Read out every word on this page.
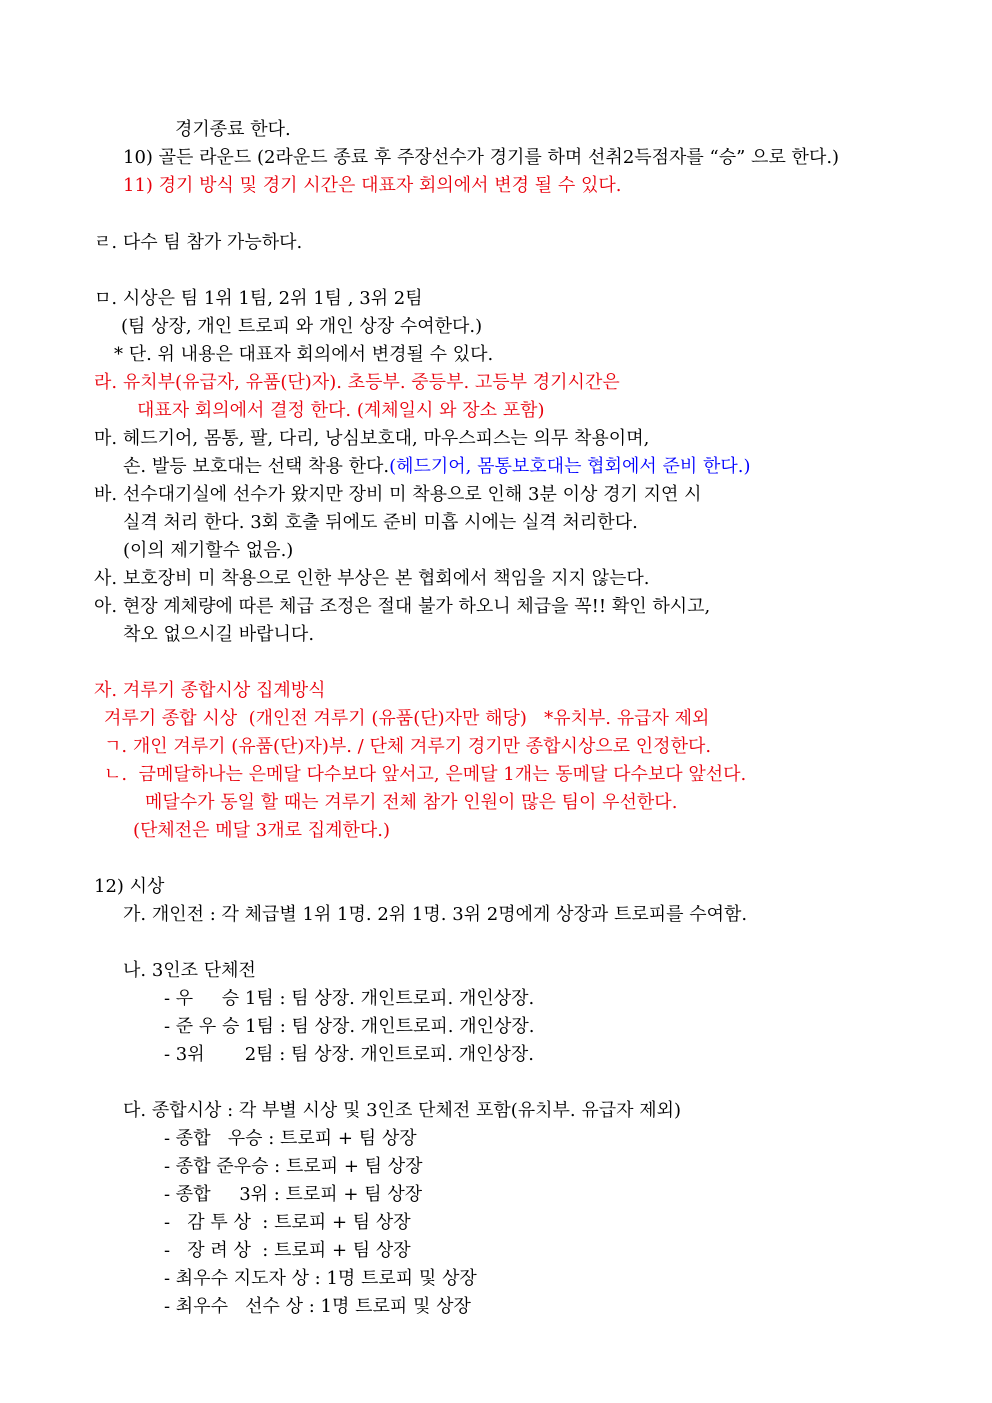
경기종료 한다.
10) 골든 라운드 (2라운드 종료 후 주장선수가 경기를 하며 선취2득점자를 “승” 으로 한다.)
11) 경기 방식 및 경기 시간은 대표자 회의에서 변경 될 수 있다.
ㄹ. 다수 팀 참가 가능하다.
ㅁ. 시상은 팀 1위 1팀, 2위 1팀 , 3위 2팀
(팀 상장, 개인 트로피 와 개인 상장 수여한다.)
* 단. 위 내용은 대표자 회의에서 변경될 수 있다.
라. 유치부(유급자, 유품(단)자). 초등부. 중등부. 고등부 경기시간은
대표자 회의에서 결정 한다. (계체일시 와 장소 포함)
마. 헤드기어, 몸통, 팔, 다리, 낭심보호대, 마우스피스는 의무 착용이며,
손. 발등 보호대는 선택 착용 한다.(헤드기어, 몸통보호대는 협회에서 준비 한다.)
바. 선수대기실에 선수가 왔지만 장비 미 착용으로 인해 3분 이상 경기 지연 시
실격 처리 한다. 3회 호출 뒤에도 준비 미흡 시에는 실격 처리한다.
(이의 제기할수 없음.)
사. 보호장비 미 착용으로 인한 부상은 본 협회에서 책임을 지지 않는다.
아. 현장 계체량에 따른 체급 조정은 절대 불가 하오니 체급을 꼭!! 확인 하시고,
착오 없으시길 바랍니다.
자. 겨루기 종합시상 집계방식
겨루기 종합 시상  (개인전 겨루기 (유품(단)자만 해당)   *유치부. 유급자 제외
ㄱ. 개인 겨루기 (유품(단)자)부. / 단체 겨루기 경기만 종합시상으로 인정한다.
ㄴ.  금메달하나는 은메달 다수보다 앞서고, 은메달 1개는 동메달 다수보다 앞선다.
메달수가 동일 할 때는 겨루기 전체 참가 인원이 많은 팀이 우선한다.
(단체전은 메달 3개로 집계한다.)
12) 시상
가. 개인전 : 각 체급별 1위 1명. 2위 1명. 3위 2명에게 상장과 트로피를 수여함.
나. 3인조 단체전
- 우     승 1팀 : 팀 상장. 개인트로피. 개인상장.
- 준 우 승 1팀 : 팀 상장. 개인트로피. 개인상장.
- 3위       2팀 : 팀 상장. 개인트로피. 개인상장.
다. 종합시상 : 각 부별 시상 및 3인조 단체전 포함(유치부. 유급자 제외)
- 종합   우승 : 트로피 + 팀 상장
- 종합 준우승 : 트로피 + 팀 상장
- 종합     3위 : 트로피 + 팀 상장
-   감 투 상  : 트로피 + 팀 상장
-   장 려 상  : 트로피 + 팀 상장
- 최우수 지도자 상 : 1명 트로피 및 상장
- 최우수   선수 상 : 1명 트로피 및 상장
